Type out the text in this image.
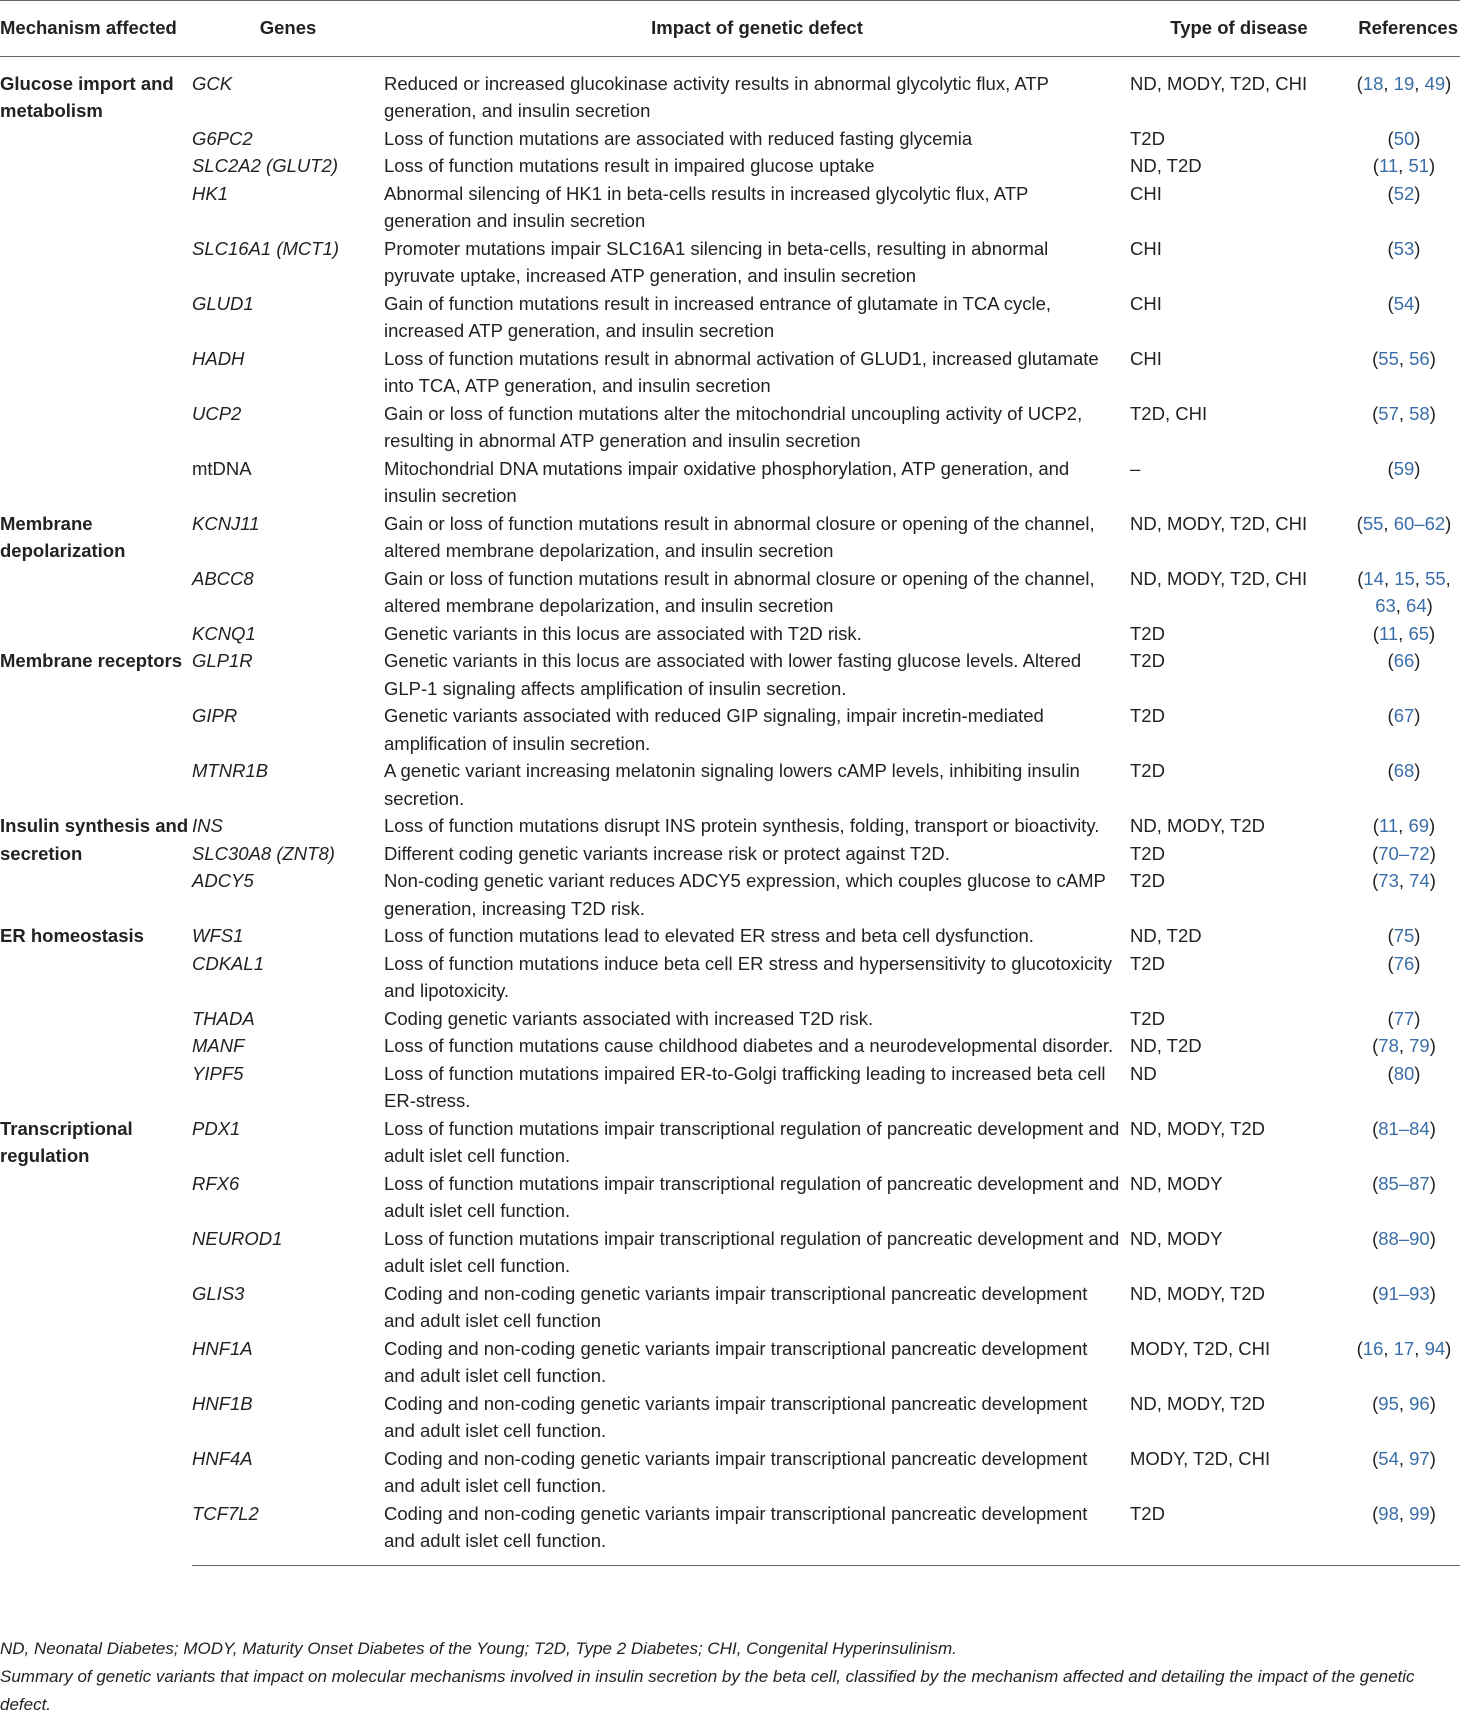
Mechanism affected	Genes	Impact of genetic defect	Type of disease	References
Glucose import and metabolism	GCK	Reduced or increased glucokinase activity results in abnormal glycolytic flux, ATP generation, and insulin secretion	ND, MODY, T2D, CHI	(18, 19, 49)
	G6PC2	Loss of function mutations are associated with reduced fasting glycemia	T2D	(50)
	SLC2A2 (GLUT2)	Loss of function mutations result in impaired glucose uptake	ND, T2D	(11, 51)
	HK1	Abnormal silencing of HK1 in beta-cells results in increased glycolytic flux, ATP generation and insulin secretion	CHI	(52)
	SLC16A1 (MCT1)	Promoter mutations impair SLC16A1 silencing in beta-cells, resulting in abnormal pyruvate uptake, increased ATP generation, and insulin secretion	CHI	(53)
	GLUD1	Gain of function mutations result in increased entrance of glutamate in TCA cycle, increased ATP generation, and insulin secretion	CHI	(54)
	HADH	Loss of function mutations result in abnormal activation of GLUD1, increased glutamate into TCA, ATP generation, and insulin secretion	CHI	(55, 56)
	UCP2	Gain or loss of function mutations alter the mitochondrial uncoupling activity of UCP2, resulting in abnormal ATP generation and insulin secretion	T2D, CHI	(57, 58)
	mtDNA	Mitochondrial DNA mutations impair oxidative phosphorylation, ATP generation, and insulin secretion	–	(59)
Membrane depolarization	KCNJ11	Gain or loss of function mutations result in abnormal closure or opening of the channel, altered membrane depolarization, and insulin secretion	ND, MODY, T2D, CHI	(55, 60–62)
	ABCC8	Gain or loss of function mutations result in abnormal closure or opening of the channel, altered membrane depolarization, and insulin secretion	ND, MODY, T2D, CHI	(14, 15, 55, 63, 64)
	KCNQ1	Genetic variants in this locus are associated with T2D risk.	T2D	(11, 65)
Membrane receptors	GLP1R	Genetic variants in this locus are associated with lower fasting glucose levels. Altered GLP-1 signaling affects amplification of insulin secretion.	T2D	(66)
	GIPR	Genetic variants associated with reduced GIP signaling, impair incretin-mediated amplification of insulin secretion.	T2D	(67)
	MTNR1B	A genetic variant increasing melatonin signaling lowers cAMP levels, inhibiting insulin secretion.	T2D	(68)
Insulin synthesis and secretion	INS	Loss of function mutations disrupt INS protein synthesis, folding, transport or bioactivity.	ND, MODY, T2D	(11, 69)
	SLC30A8 (ZNT8)	Different coding genetic variants increase risk or protect against T2D.	T2D	(70–72)
	ADCY5	Non-coding genetic variant reduces ADCY5 expression, which couples glucose to cAMP generation, increasing T2D risk.	T2D	(73, 74)
ER homeostasis	WFS1	Loss of function mutations lead to elevated ER stress and beta cell dysfunction.	ND, T2D	(75)
	CDKAL1	Loss of function mutations induce beta cell ER stress and hypersensitivity to glucotoxicity and lipotoxicity.	T2D	(76)
	THADA	Coding genetic variants associated with increased T2D risk.	T2D	(77)
	MANF	Loss of function mutations cause childhood diabetes and a neurodevelopmental disorder.	ND, T2D	(78, 79)
	YIPF5	Loss of function mutations impaired ER-to-Golgi trafficking leading to increased beta cell ER-stress.	ND	(80)
Transcriptional regulation	PDX1	Loss of function mutations impair transcriptional regulation of pancreatic development and adult islet cell function.	ND, MODY, T2D	(81–84)
	RFX6	Loss of function mutations impair transcriptional regulation of pancreatic development and adult islet cell function.	ND, MODY	(85–87)
	NEUROD1	Loss of function mutations impair transcriptional regulation of pancreatic development and adult islet cell function.	ND, MODY	(88–90)
	GLIS3	Coding and non-coding genetic variants impair transcriptional pancreatic development and adult islet cell function	ND, MODY, T2D	(91–93)
	HNF1A	Coding and non-coding genetic variants impair transcriptional pancreatic development and adult islet cell function.	MODY, T2D, CHI	(16, 17, 94)
	HNF1B	Coding and non-coding genetic variants impair transcriptional pancreatic development and adult islet cell function.	ND, MODY, T2D	(95, 96)
	HNF4A	Coding and non-coding genetic variants impair transcriptional pancreatic development and adult islet cell function.	MODY, T2D, CHI	(54, 97)
	TCF7L2	Coding and non-coding genetic variants impair transcriptional pancreatic development and adult islet cell function.	T2D	(98, 99)
ND, Neonatal Diabetes; MODY, Maturity Onset Diabetes of the Young; T2D, Type 2 Diabetes; CHI, Congenital Hyperinsulinism.
Summary of genetic variants that impact on molecular mechanisms involved in insulin secretion by the beta cell, classified by the mechanism affected and detailing the impact of the genetic defect.
